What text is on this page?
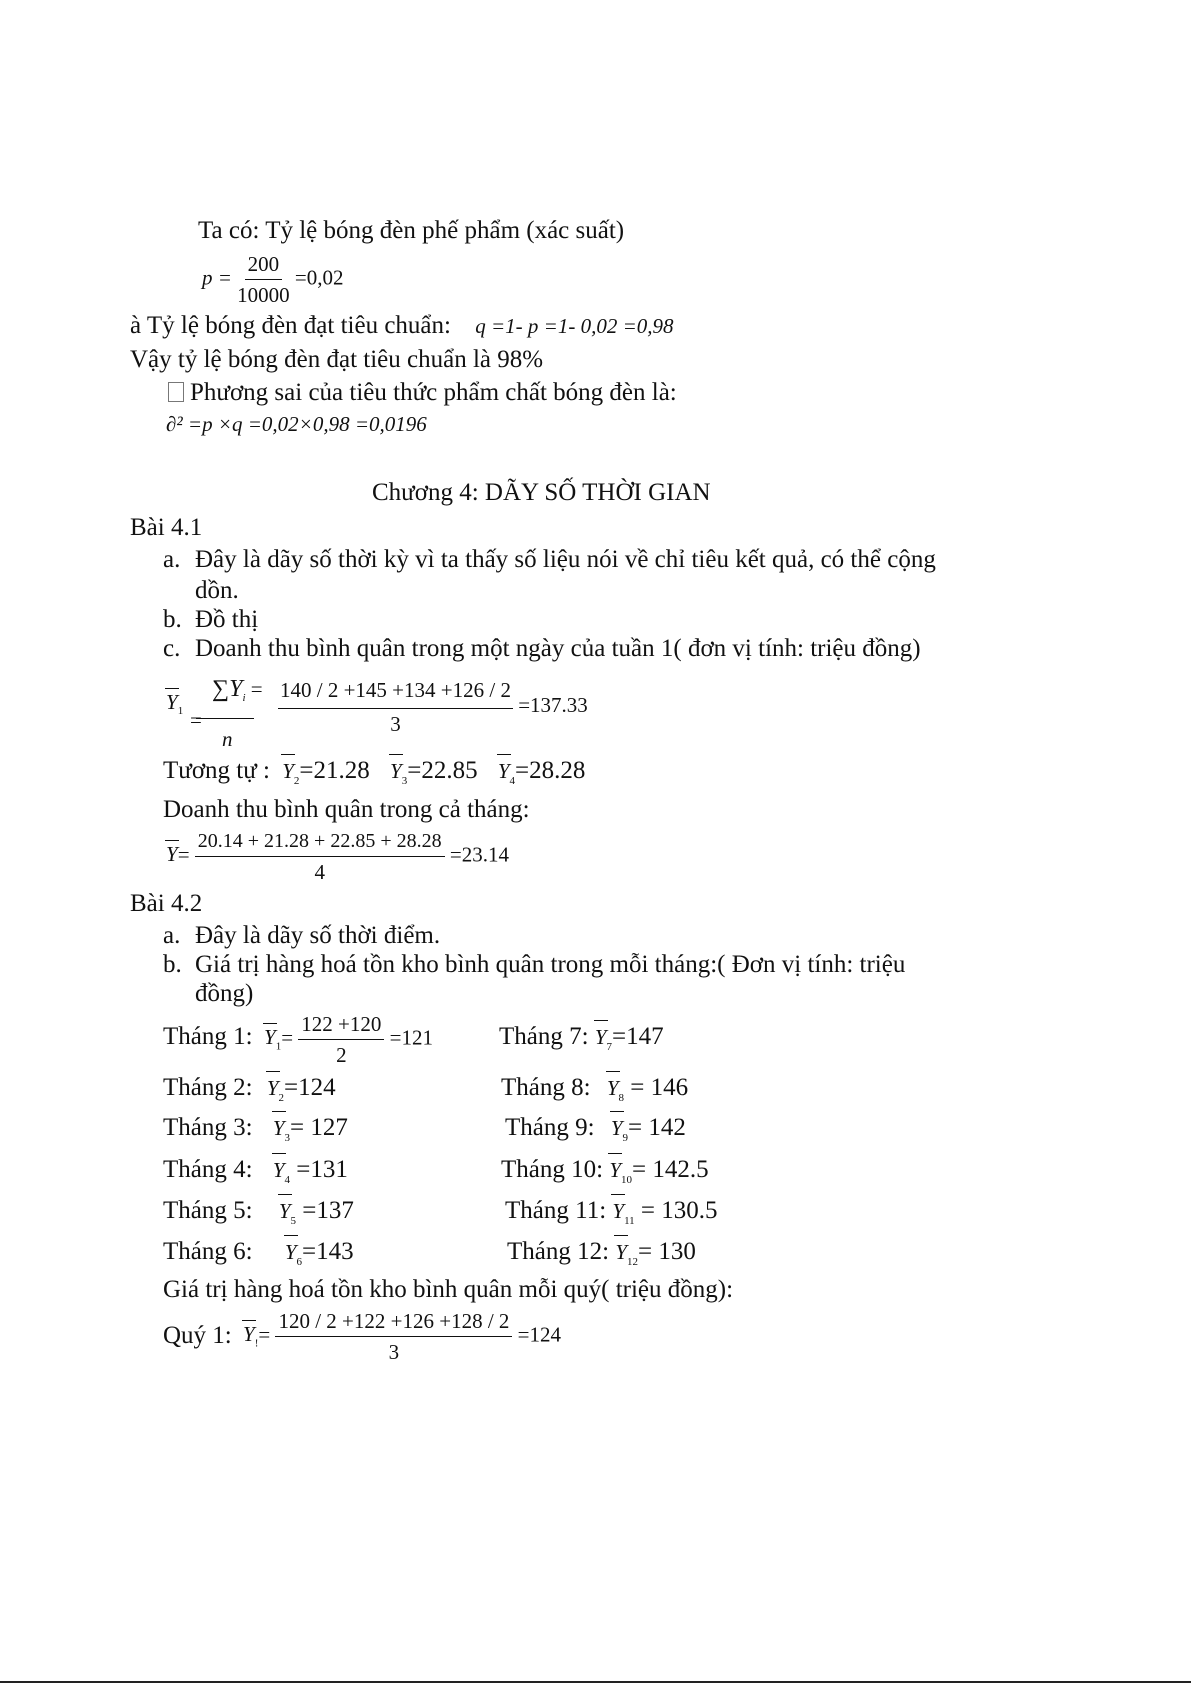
Ta có: Tỷ lệ bóng đèn phế phẩm (xác suất)
$p = \frac{200}{10000} =0,02$
à Tỷ lệ bóng đèn đạt tiêu chuẩn: q =1- p =1- 0,02 =0,98
Vậy tỷ lệ bóng đèn đạt tiêu chuẩn là 98%
Phương sai của tiêu thức phẩm chất bóng đèn là:
∂² =p ×q =0,02×0,98 =0,0196
Chương 4: DÃY SỐ THỜI GIAN
Bài 4.1
a. Đây là dãy số thời kỳ vì ta thấy số liệu nói về chỉ tiêu kết quả, có thể cộng
dồn.
b. Đồ thị
c. Doanh thu bình quân trong một ngày của tuần 1( đơn vị tính: triệu đồng)
$Y_1$ =
$\sum Y_i$ =
n
$\frac{140 / 2 +145 +134 +126 / 2}{3} =137.33$
Tương tự : $Y_2=21.28$ $Y_3=22.85$ $Y_4=28.28$
Doanh thu bình quân trong cả tháng:
$Y= \frac{20.14 + 21.28 + 22.85 + 28.28}{4} =23.14$
Bài 4.2
a. Đây là dãy số thời điểm.
b. Giá trị hàng hoá tồn kho bình quân trong mỗi tháng:( Đơn vị tính: triệu
đồng)
Tháng 1: $Y_1= \frac{122 +120}{2} =121$
Tháng 2: $Y_2=124$
Tháng 3: $Y_3= 127$
Tháng 4: $Y_4 =131$
Tháng 5: $Y_5 =137$
Tháng 6: $Y_6=143$
Tháng 7: $Y_7=147$
Tháng 8: $Y_8 = 146$
Tháng 9: $Y_9= 142$
Tháng 10: $Y_{10}= 142.5$
Tháng 11: $Y_{11} = 130.5$
Tháng 12: $Y_{12}= 130$
Giá trị hàng hoá tồn kho bình quân mỗi quý( triệu đồng):
Quý 1: $Y_!= \frac{120 / 2 +122 +126 +128 / 2}{3} =124$
